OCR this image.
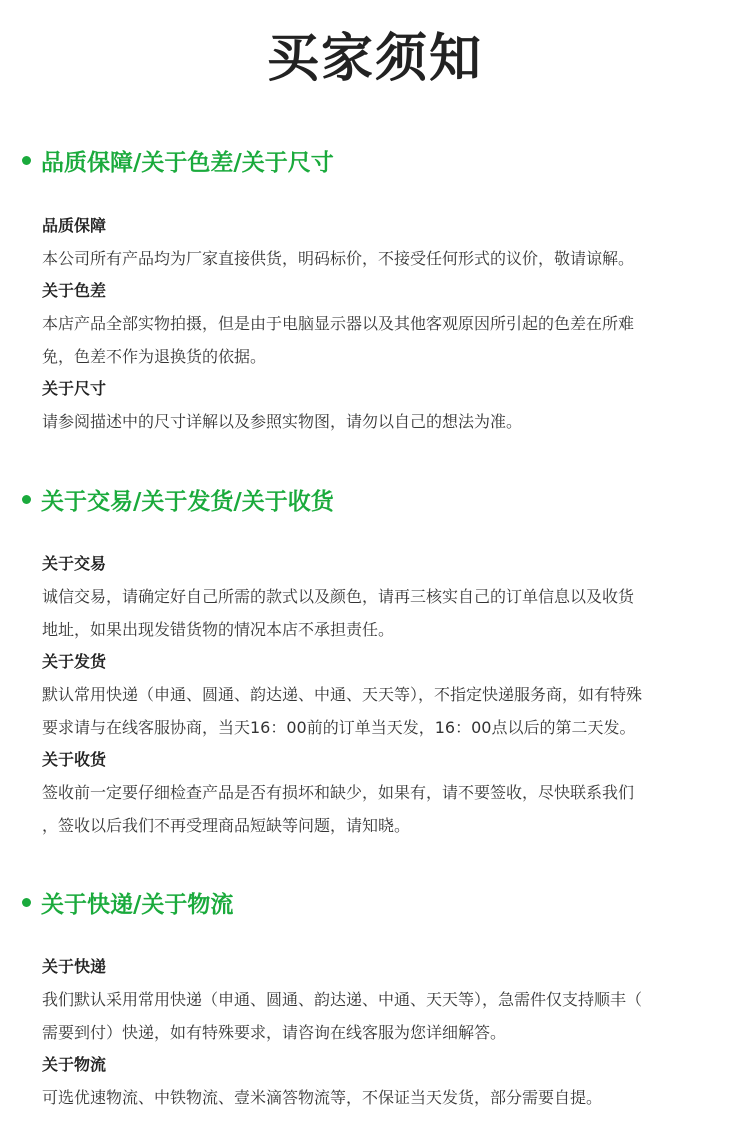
买家须知
品质保障/关于色差/关于尺寸
品质保障
本公司所有产品均为厂家直接供货，明码标价，不接受任何形式的议价，敬请谅解。
关于色差
本店产品全部实物拍摄，但是由于电脑显示器以及其他客观原因所引起的色差在所难
免，色差不作为退换货的依据。
关于尺寸
请参阅描述中的尺寸详解以及参照实物图，请勿以自己的想法为准。
关于交易/关于发货/关于收货
关于交易
诚信交易，请确定好自己所需的款式以及颜色，请再三核实自己的订单信息以及收货
地址，如果出现发错货物的情况本店不承担责任。
关于发货
默认常用快递（申通、圆通、韵达递、中通、天天等），不指定快递服务商，如有特殊
要求请与在线客服协商，当天16：00前的订单当天发，16：00点以后的第二天发。
关于收货
签收前一定要仔细检查产品是否有损坏和缺少，如果有，请不要签收，尽快联系我们
，签收以后我们不再受理商品短缺等问题，请知晓。
关于快递/关于物流
关于快递
我们默认采用常用快递（申通、圆通、韵达递、中通、天天等），急需件仅支持顺丰（
需要到付）快递，如有特殊要求，请咨询在线客服为您详细解答。
关于物流
可选优速物流、中铁物流、壹米滴答物流等，不保证当天发货，部分需要自提。
